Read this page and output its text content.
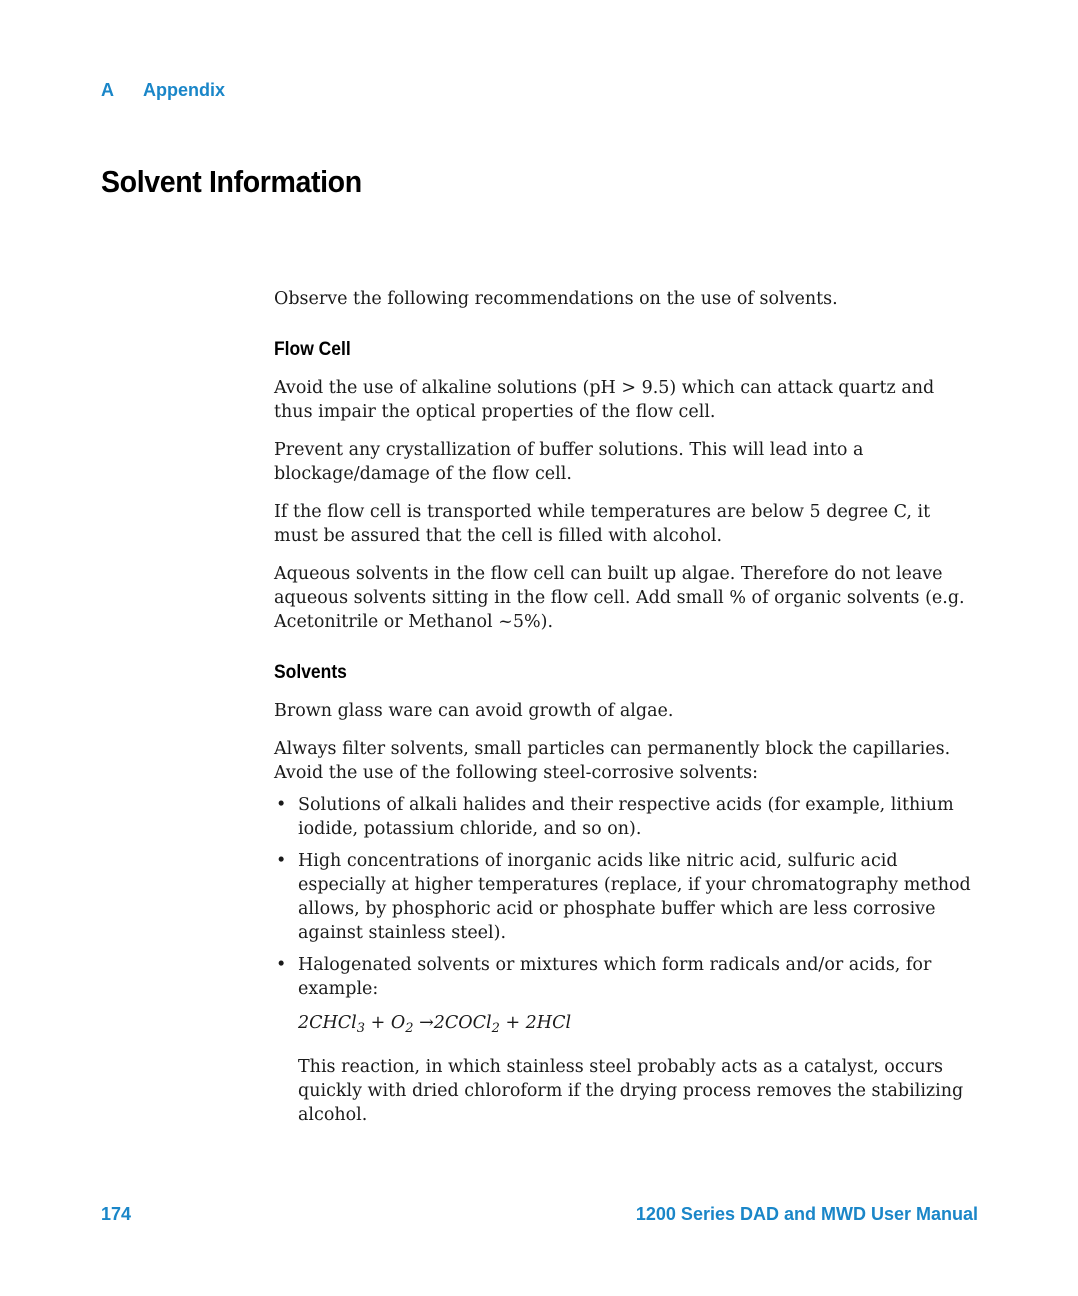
A Appendix
Solvent Information

Observe the following recommendations on the use of solvents.

Flow Cell

Avoid the use of alkaline solutions (pH > 9.5) which can attack quartz and thus impair the optical properties of the flow cell.

Prevent any crystallization of buffer solutions. This will lead into a blockage/damage of the flow cell.

If the flow cell is transported while temperatures are below 5 degree C, it must be assured that the cell is filled with alcohol.

Aqueous solvents in the flow cell can built up algae. Therefore do not leave aqueous solvents sitting in the flow cell. Add small % of organic solvents (e.g. Acetonitrile or Methanol ~5%).

Solvents

Brown glass ware can avoid growth of algae.

Always filter solvents, small particles can permanently block the capillaries. Avoid the use of the following steel-corrosive solvents:

• Solutions of alkali halides and their respective acids (for example, lithium iodide, potassium chloride, and so on).
• High concentrations of inorganic acids like nitric acid, sulfuric acid especially at higher temperatures (replace, if your chromatography method allows, by phosphoric acid or phosphate buffer which are less corrosive against stainless steel).
• Halogenated solvents or mixtures which form radicals and/or acids, for example:
2CHCl$_3$ + $O_2$ →2COCl$_2$ + 2HCl

This reaction, in which stainless steel probably acts as a catalyst, occurs quickly with dried chloroform if the drying process removes the stabilizing alcohol.

174	1200 Series DAD and MWD User Manual
